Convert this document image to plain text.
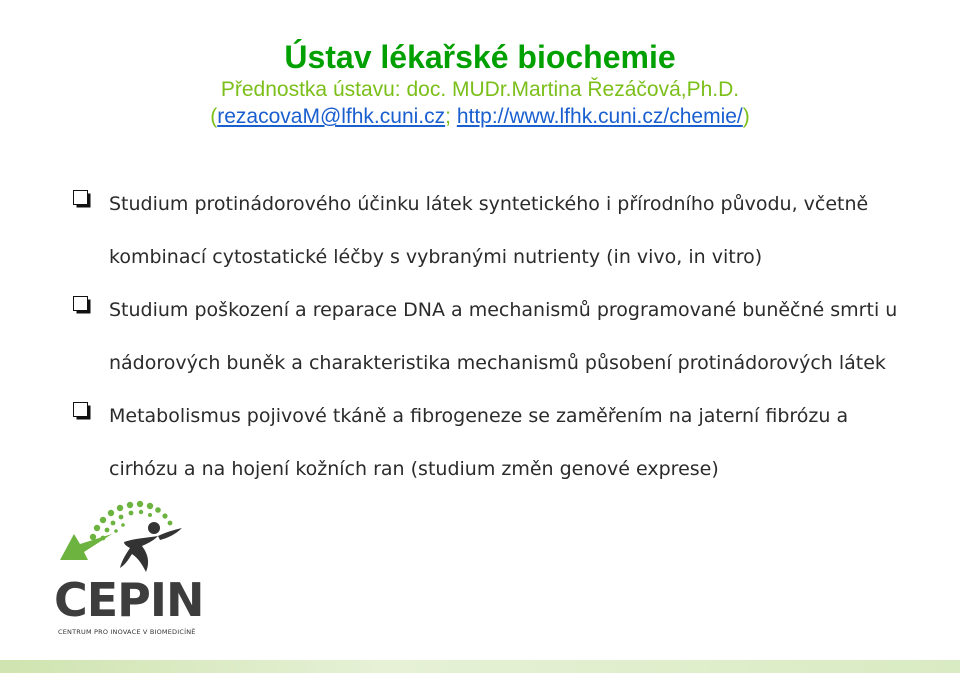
Ústav lékařské biochemie

Přednostka ústavu: doc. MUDr.Martina Řezáčová,Ph.D.

(rezacovaM@lfhk.cuni.cz; http://www.lfhk.cuni.cz/chemie/)

Studium protinádorového účinku látek syntetického i přírodního původu, včetně
kombinací cytostatické léčby s vybranými nutrienty (in vivo, in vitro)
Studium poškození a reparace DNA a mechanismů programované buněčné smrti u
nádorových buněk a charakteristika mechanismů působení protinádorových látek
Metabolismus pojivové tkáně a fibrogeneze se zaměřením na jaterní fibrózu a
cirhózu a na hojení kožních ran (studium změn genové exprese)
CEPIN
CENTRUM PRO INOVACE V BIOMEDICÍNĚ
